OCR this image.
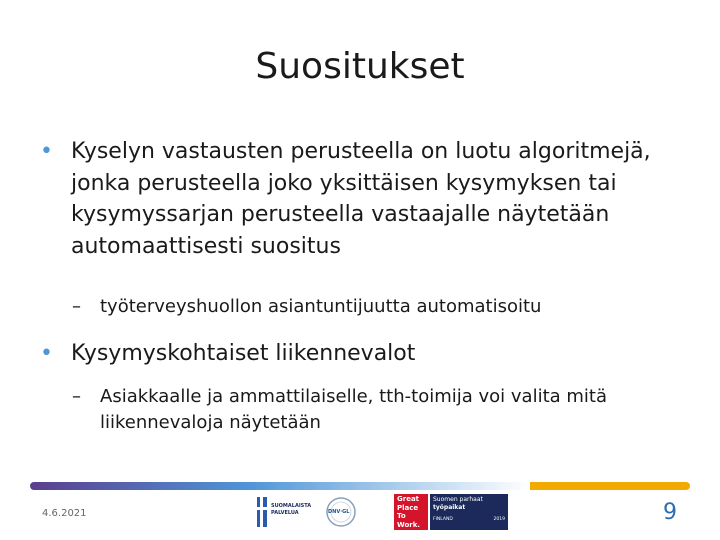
Suositukset
• Kyselyn vastausten perusteella on luotu algoritmejä, jonka perusteella joko yksittäisen kysymyksen tai kysymyssarjan perusteella vastaajalle näytetään automaattisesti suositus
– työterveyshuollon asiantuntijuutta automatisoitu
• Kysymyskohtaiset liikennevalot
– Asiakkaalle ja ammattilaiselle, tth-toimija voi valita mitä liikennevaloja näytetään
4.6.2021
SUOMALAISTA
PALVELUA	DNV·GL
Great
Place
To
Work.
Suomen parhaat
työpaikat
FINLAND	2019	9
